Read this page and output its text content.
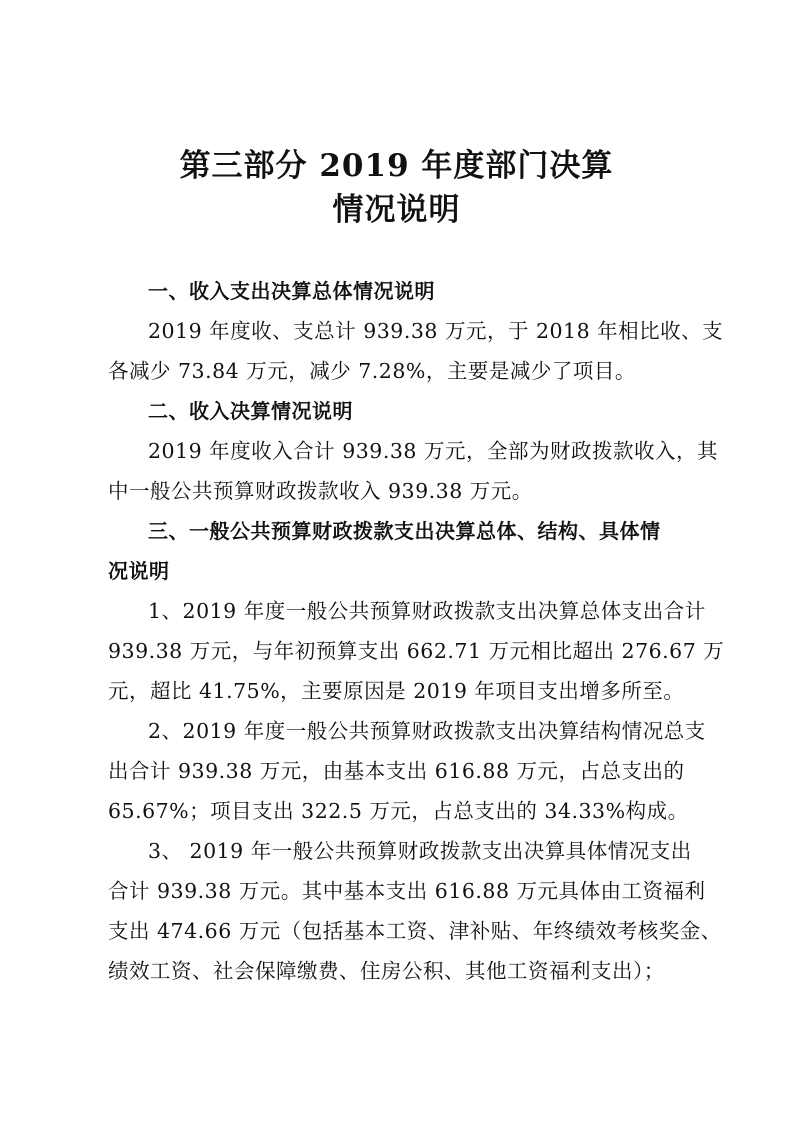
第三部分 2019 年度部门决算
情况说明
一、收入支出决算总体情况说明
2019 年度收、支总计 939.38 万元，于 2018 年相比收、支
各减少 73.84 万元，减少 7.28%，主要是减少了项目。
二、收入决算情况说明
2019 年度收入合计 939.38 万元，全部为财政拨款收入，其
中一般公共预算财政拨款收入 939.38 万元。
三、一般公共预算财政拨款支出决算总体、结构、具体情
况说明
1、2019 年度一般公共预算财政拨款支出决算总体支出合计
939.38 万元，与年初预算支出 662.71 万元相比超出 276.67 万
元，超比 41.75%，主要原因是 2019 年项目支出增多所至。
2、2019 年度一般公共预算财政拨款支出决算结构情况总支
出合计 939.38 万元，由基本支出 616.88 万元，占总支出的
65.67%；项目支出 322.5 万元，占总支出的 34.33%构成。
3、 2019 年一般公共预算财政拨款支出决算具体情况支出
合计 939.38 万元。其中基本支出 616.88 万元具体由工资福利
支出 474.66 万元（包括基本工资、津补贴、年终绩效考核奖金、
绩效工资、社会保障缴费、住房公积、其他工资福利支出）；
